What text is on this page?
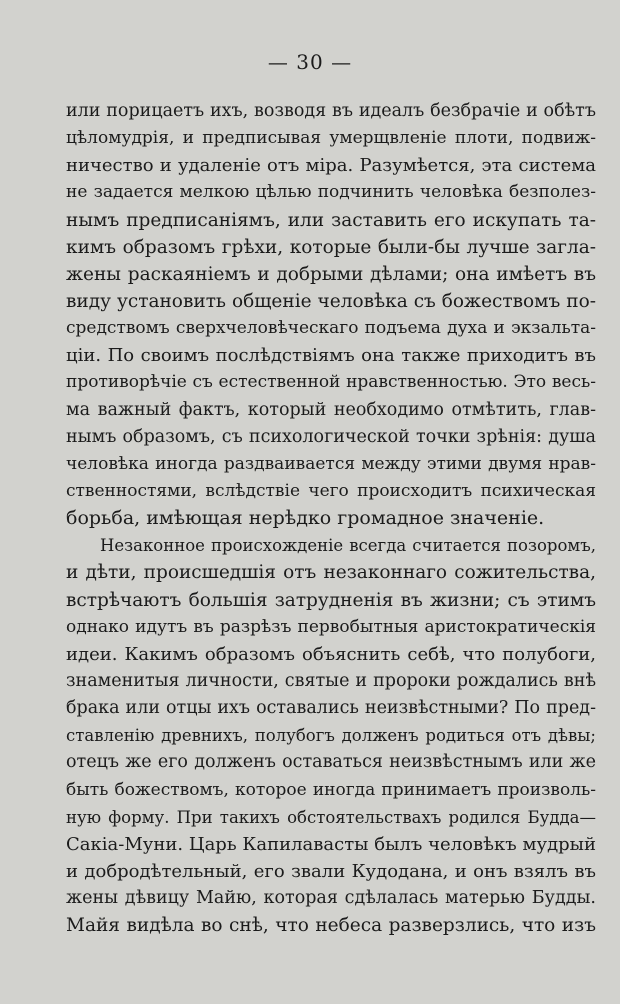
— 30 —
или порицаетъ ихъ, возводя въ идеалъ безбрачіе и обѣтъ
цѣломудрія, и предписывая умерщвленіе плоти, подвиж-
ничество и удаленіе отъ міра. Разумѣется, эта система
не задается мелкою цѣлью подчинить человѣка безполез-
нымъ предписаніямъ, или заставить его искупать та-
кимъ образомъ грѣхи, которые были-бы лучше загла-
жены раскаяніемъ и добрыми дѣлами; она имѣетъ въ
виду установить общеніе человѣка съ божествомъ по-
средствомъ сверхчеловѣческаго подъема духа и экзальта-
ціи. По своимъ послѣдствіямъ она также приходитъ въ
противорѣчіе съ естественной нравственностью. Это весь-
ма важный фактъ, который необходимо отмѣтить, глав-
нымъ образомъ, съ психологической точки зрѣнія: душа
человѣка иногда раздваивается между этими двумя нрав-
ственностями, вслѣдствіе чего происходитъ психическая
борьба, имѣющая нерѣдко громадное значеніе.
Незаконное происхожденіе всегда считается позоромъ,
и дѣти, происшедшія отъ незаконнаго сожительства,
встрѣчаютъ большія затрудненія въ жизни; съ этимъ
однако идутъ въ разрѣзъ первобытныя аристократическія
идеи. Какимъ образомъ объяснить себѣ, что полубоги,
знаменитыя личности, святые и пророки рождались внѣ
брака или отцы ихъ оставались неизвѣстными? По пред-
ставленію древнихъ, полубогъ долженъ родиться отъ дѣвы;
отецъ же его долженъ оставаться неизвѣстнымъ или же
быть божествомъ, которое иногда принимаетъ произволь-
ную форму. При такихъ обстоятельствахъ родился Будда—
Сакіа-Муни. Царь Капилавасты былъ человѣкъ мудрый
и добродѣтельный, его звали Кудодана, и онъ взялъ въ
жены дѣвицу Майю, которая сдѣлалась матерью Будды.
Майя видѣла во снѣ, что небеса разверзлись, что изъ
